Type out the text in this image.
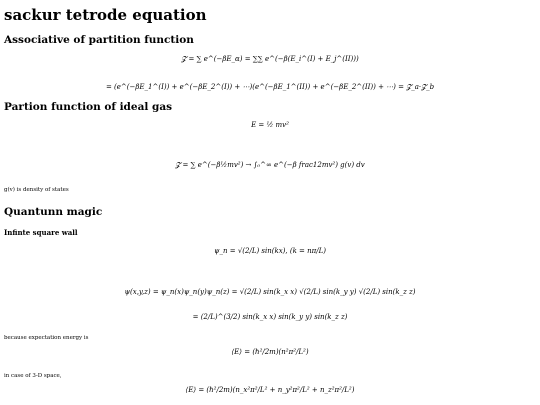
sackur tetrode equation
Associative of partition function
𝓩 = ∑ e^(−βE_α) = ∑∑ e^(−β(E_i^(I) + E_j^(II)))
= (e^(−βE_1^(I)) + e^(−βE_2^(I)) + ⋯)(e^(−βE_1^(II)) + e^(−βE_2^(II)) + ⋯) = 𝓩_a·𝓩_b
Partion function of ideal gas
E = ½ mv²
𝓩 = ∑ e^(−β½mv²) → ∫₀^∞ e^(−β frac12mv²) g(v) dv

g(v) is density of states

Quantunn magic
Infinte square wall
ψ_n = √(2/L) sin(kx), (k = nπ/L)
ψ(x,y,z) = ψ_n(x)ψ_n(y)ψ_n(z) = √(2/L) sin(k_x x) √(2/L) sin(k_y y) √(2/L) sin(k_z z)
= (2/L)^(3/2) sin(k_x x) sin(k_y y) sin(k_z z)

because expectation energy is

⟨E⟩ = (ℏ²/2m)(n²π²/L²)

in case of 3-D space,

⟨E⟩ = (ℏ²/2m)(n_x²π²/L² + n_y²π²/L² + n_z²π²/L²)
